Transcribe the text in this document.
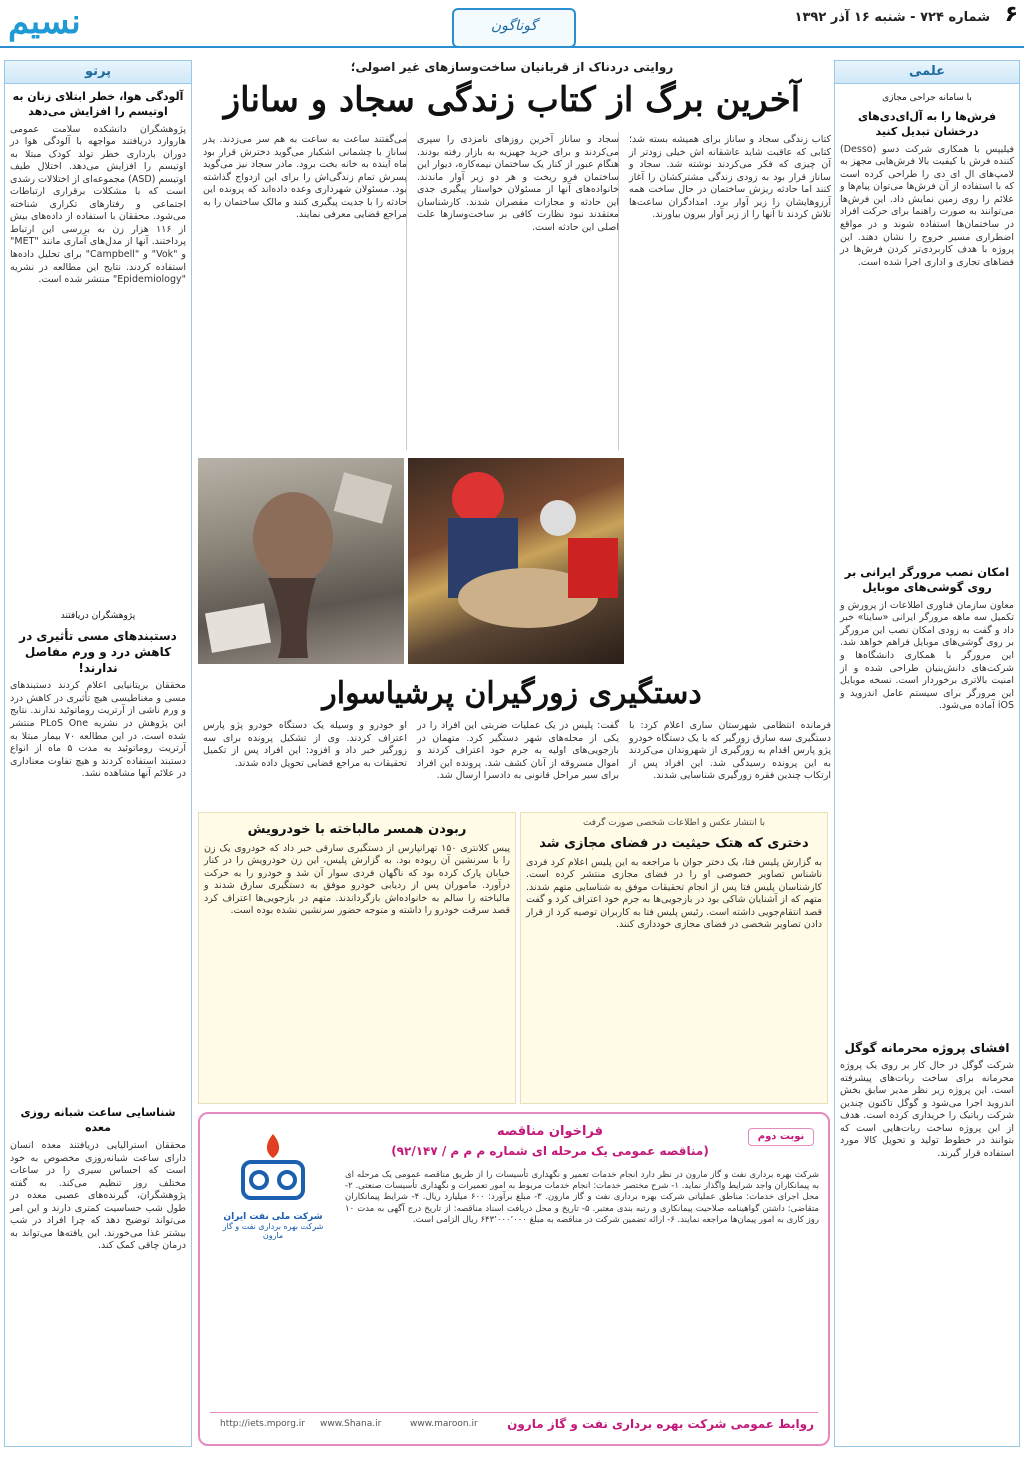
۶
شماره ۷۲۴ - شنبه ۱۶ آذر ۱۳۹۲
گوناگون
نسیم
علمی
با سامانه جراحی مجازی
فرش‌ها را به آل‌ای‌دی‌های درخشان تبدیل کنید
فیلیپس با همکاری شرکت دسو (Desso) کننده فرش با کیفیت بالا فرش‌هایی مجهز به لامپ‌های ال ای دی را طراحی کرده است که با استفاده از آن فرش‌ها می‌توان پیام‌ها و علائم را روی زمین نمایش داد. این فرش‌ها می‌توانند به صورت راهنما برای حرکت افراد در ساختمان‌ها استفاده شوند و در مواقع اضطراری مسیر خروج را نشان دهند. این پروژه با هدف کاربردی‌تر کردن فرش‌ها در فضاهای تجاری و اداری اجرا شده است.
امکان نصب مرورگر ایرانی بر روی گوشی‌های موبایل
معاون سازمان فناوری اطلاعات از پرورش و تکمیل سه ماهه مرورگر ایرانی «ساینا» خبر داد و گفت به زودی امکان نصب این مرورگر بر روی گوشی‌های موبایل فراهم خواهد شد. این مرورگر با همکاری دانشگاه‌ها و شرکت‌های دانش‌بنیان طراحی شده و از امنیت بالاتری برخوردار است. نسخه موبایل این مرورگر برای سیستم عامل اندروید و iOS آماده می‌شود.
افشای پروژه محرمانه گوگل
شرکت گوگل در حال کار بر روی یک پروژه محرمانه برای ساخت ربات‌های پیشرفته است. این پروژه زیر نظر مدیر سابق بخش اندروید اجرا می‌شود و گوگل تاکنون چندین شرکت رباتیک را خریداری کرده است. هدف از این پروژه ساخت ربات‌هایی است که بتوانند در خطوط تولید و تحویل کالا مورد استفاده قرار گیرند.
پرتو
آلودگی هوا، خطر ابتلای زنان به اوتیسم را افزایش می‌دهد
پژوهشگران دانشکده سلامت عمومی هاروارد دریافتند مواجهه با آلودگی هوا در دوران بارداری خطر تولد کودک مبتلا به اوتیسم را افزایش می‌دهد. اختلال طیف اوتیسم (ASD) مجموعه‌ای از اختلالات رشدی است که با مشکلات برقراری ارتباطات اجتماعی و رفتارهای تکراری شناخته می‌شود. محققان با استفاده از داده‌های بیش از ۱۱۶ هزار زن به بررسی این ارتباط پرداختند. آنها از مدل‌های آماری مانند "MET" و "Vok" و "Campbell" برای تحلیل داده‌ها استفاده کردند. نتایج این مطالعه در نشریه "Epidemiology" منتشر شده است.
پژوهشگران دریافتند
دستبندهای مسی تأثیری در کاهش درد و ورم مفاصل ندارند!
محققان بریتانیایی اعلام کردند دستبندهای مسی و مغناطیسی هیچ تأثیری در کاهش درد و ورم ناشی از آرتریت روماتوئید ندارند. نتایج این پژوهش در نشریه PLoS One منتشر شده است. در این مطالعه ۷۰ بیمار مبتلا به آرتریت روماتوئید به مدت ۵ ماه از انواع دستبند استفاده کردند و هیچ تفاوت معناداری در علائم آنها مشاهده نشد.
شناسایی ساعت شبانه روزی معده
محققان استرالیایی دریافتند معده انسان دارای ساعت شبانه‌روزی مخصوص به خود است که احساس سیری را در ساعات مختلف روز تنظیم می‌کند. به گفته پژوهشگران، گیرنده‌های عصبی معده در طول شب حساسیت کمتری دارند و این امر می‌تواند توضیح دهد که چرا افراد در شب بیشتر غذا می‌خورند. این یافته‌ها می‌تواند به درمان چاقی کمک کند.
روایتی دردناک از قربانیان ساخت‌وسازهای غیر اصولی؛
آخرین برگ از کتاب زندگی سجاد و ساناز
کتاب زندگی سجاد و ساناز برای همیشه بسته شد؛ کتابی که عاقبت شاید عاشقانه اش خیلی زودتر از آن چیزی که فکر می‌کردند نوشته شد. سجاد و ساناز قرار بود به زودی زندگی مشترکشان را آغاز کنند اما حادثه ریزش ساختمان در حال ساخت همه آرزوهایشان را زیر آوار برد. امدادگران ساعت‌ها تلاش کردند تا آنها را از زیر آوار بیرون بیاورند.
سجاد و ساناز آخرین روزهای نامزدی را سپری می‌کردند و برای خرید جهیزیه به بازار رفته بودند. هنگام عبور از کنار یک ساختمان نیمه‌کاره، دیوار این ساختمان فرو ریخت و هر دو زیر آوار ماندند. خانواده‌های آنها از مسئولان خواستار پیگیری جدی این حادثه و مجازات مقصران شدند. کارشناسان معتقدند نبود نظارت کافی بر ساخت‌وسازها علت اصلی این حادثه است.
می‌گفتند ساعت به ساعت به هم سر می‌زدند. پدر ساناز با چشمانی اشکبار می‌گوید دخترش قرار بود ماه آینده به خانه بخت برود. مادر سجاد نیز می‌گوید پسرش تمام زندگی‌اش را برای این ازدواج گذاشته بود. مسئولان شهرداری وعده داده‌اند که پرونده این حادثه را با جدیت پیگیری کنند و مالک ساختمان را به مراجع قضایی معرفی نمایند.
دستگیری زورگیران پرشیاسوار
فرمانده انتظامی شهرستان ساری اعلام کرد: با دستگیری سه سارق زورگیر که با یک دستگاه خودرو پژو پارس اقدام به زورگیری از شهروندان می‌کردند به این پرونده رسیدگی شد. این افراد پس از ارتکاب چندین فقره زورگیری شناسایی شدند.
گفت: پلیس در یک عملیات ضربتی این افراد را در یکی از محله‌های شهر دستگیر کرد. متهمان در بازجویی‌های اولیه به جرم خود اعتراف کردند و اموال مسروقه از آنان کشف شد. پرونده این افراد برای سیر مراحل قانونی به دادسرا ارسال شد.
او خودرو و وسیله یک دستگاه خودرو پژو پارس اعتراف کردند. وی از تشکیل پرونده برای سه زورگیر خبر داد و افزود: این افراد پس از تکمیل تحقیقات به مراجع قضایی تحویل داده شدند.
با انتشار عکس و اطلاعات شخصی صورت گرفت
دختری که هتک حیثیت در فضای مجازی شد
به گزارش پلیس فتا، یک دختر جوان با مراجعه به این پلیس اعلام کرد فردی ناشناس تصاویر خصوصی او را در فضای مجازی منتشر کرده است. کارشناسان پلیس فتا پس از انجام تحقیقات موفق به شناسایی متهم شدند. متهم که از آشنایان شاکی بود در بازجویی‌ها به جرم خود اعتراف کرد و گفت قصد انتقام‌جویی داشته است. رئیس پلیس فتا به کاربران توصیه کرد از قرار دادن تصاویر شخصی در فضای مجازی خودداری کنند.
ربودن همسر مالباخته با خودرویش
پیس کلانتری ۱۵۰ تهرانپارس از دستگیری سارقی خبر داد که خودروی یک زن را با سرنشین آن ربوده بود. به گزارش پلیس، این زن خودرویش را در کنار خیابان پارک کرده بود که ناگهان فردی سوار آن شد و خودرو را به حرکت درآورد. ماموران پس از ردیابی خودرو موفق به دستگیری سارق شدند و مالباخته را سالم به خانواده‌اش بازگرداندند. متهم در بازجویی‌ها اعتراف کرد قصد سرقت خودرو را داشته و متوجه حضور سرنشین نشده بوده است.
نوبت دوم
فراخوان مناقصه
(مناقصه عمومی یک مرحله ای شماره م م م / ۹۲/۱۴۷)
شرکت ملی نفت ایران
شرکت بهره برداری نفت و گاز مارون
شرکت بهره برداری نفت و گاز مارون در نظر دارد انجام خدمات تعمیر و نگهداری تأسیسات را از طریق مناقصه عمومی یک مرحله ای به پیمانکاران واجد شرایط واگذار نماید. ۱- شرح مختصر خدمات: انجام خدمات مربوط به امور تعمیرات و نگهداری تأسیسات صنعتی. ۲- محل اجرای خدمات: مناطق عملیاتی شرکت بهره برداری نفت و گاز مارون. ۳- مبلغ برآورد: ۶۰۰ میلیارد ریال. ۴- شرایط پیمانکاران متقاضی: داشتن گواهینامه صلاحیت پیمانکاری و رتبه بندی معتبر. ۵- تاریخ و محل دریافت اسناد مناقصه: از تاریخ درج آگهی به مدت ۱۰ روز کاری به امور پیمان‌ها مراجعه نمایند. ۶- ارائه تضمین شرکت در مناقصه به مبلغ ۶۴۳٬۰۰۰٬۰۰۰ ریال الزامی است.
روابط عمومی شرکت بهره برداری نفت و گاز مارون
www.maroon.ir
www.Shana.ir
http://iets.mporg.ir
